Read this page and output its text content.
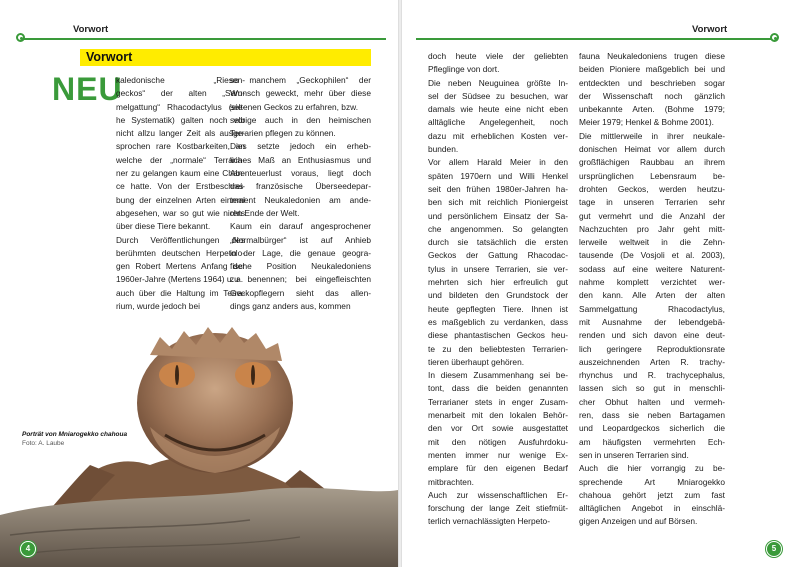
Vorwort
Vorwort
NEU
kaledonische „Riesen-
geckos“ der alten „Sam-
melgattung“ Rhacodactylus (sie-
he Systematik) galten noch vor
nicht allzu langer Zeit als ausge-
sprochen rare Kostbarkeiten, an
welche der „normale“ Terraria-
ner zu gelangen kaum eine Chan-
ce hatte. Von der Erstbeschrei-
bung der einzelnen Arten einmal
abgesehen, war so gut wie nichts
über diese Tiere bekannt.
Durch Veröffentlichungen des
berühmten deutschen Herpetolo-
gen Robert Mertens Anfang der
1960er-Jahre (Mertens 1964) u. a.
auch über die Haltung im Terra-
rium, wurde jedoch bei
so manchem „Geckophilen“ der
Wunsch geweckt, mehr über diese
seltenen Geckos zu erfahren, bzw.
selbige auch in den heimischen
Terrarien pflegen zu können.
Dies setzte jedoch ein erheb-
liches Maß an Enthusiasmus und
Abenteuerlust voraus, liegt doch
das französische Überseedepar-
tement Neukaledonien am ande-
ren Ende der Welt.
Kaum ein darauf angesprochener
„Normalbürger“ ist auf Anhieb
in der Lage, die genaue geogra-
fische Position Neukaledoniens
zu benennen; bei eingefleischten
Geckopflegern sieht das allen-
dings ganz anders aus, kommen
Porträt von Mniarogekko chahoua Foto: A. Laube
4
Vorwort
doch heute viele der geliebten
Pfleglinge von dort.
Die neben Neuguinea größte In-
sel der Südsee zu besuchen, war
damals wie heute eine nicht eben
alltägliche Angelegenheit, noch
dazu mit erheblichen Kosten ver-
bunden.
Vor allem Harald Meier in den
späten 1970ern und Willi Henkel
seit den frühen 1980er-Jahren ha-
ben sich mit reichlich Pioniergeist
und persönlichem Einsatz der Sa-
che angenommen. So gelangten
durch sie tatsächlich die ersten
Geckos der Gattung Rhacodac-
tylus in unsere Terrarien, sie ver-
mehrten sich hier erfreulich gut
und bildeten den Grundstock der
heute gepflegten Tiere. Ihnen ist
es maßgeblich zu verdanken, dass
diese phantastischen Geckos heu-
te zu den beliebtesten Terrarien-
tieren überhaupt gehören.
In diesem Zusammenhang sei be-
tont, dass die beiden genannten
Terrarianer stets in enger Zusam-
menarbeit mit den lokalen Behör-
den vor Ort sowie ausgestattet
mit den nötigen Ausfuhrdoku-
menten immer nur wenige Ex-
emplare für den eigenen Bedarf
mitbrachten.
Auch zur wissenschaftlichen Er-
forschung der lange Zeit stiefmüt-
terlich vernachlässigten Herpeto-
fauna Neukaledoniens trugen diese
beiden Pioniere maßgeblich bei und
entdeckten und beschrieben sogar
der Wissenschaft noch gänzlich
unbekannte Arten. (Bohme 1979;
Meier 1979; Henkel & Bohme 2001).
Die mittlerweile in ihrer neukale-
donischen Heimat vor allem durch
großflächigen Raubbau an ihrem
ursprünglichen Lebensraum be-
drohten Geckos, werden heutzu-
tage in unseren Terrarien sehr
gut vermehrt und die Anzahl der
Nachzuchten pro Jahr geht mitt-
lerweile weltweit in die Zehn-
tausende (De Vosjoli et al. 2003),
sodass auf eine weitere Naturent-
nahme komplett verzichtet wer-
den kann. Alle Arten der alten
Sammelgattung Rhacodactylus,
mit Ausnahme der lebendgebä-
renden und sich davon eine deut-
lich geringere Reproduktionsrate
auszeichnenden Arten R. trachy-
rhynchus und R. trachycephalus,
lassen sich so gut in menschli-
cher Obhut halten und vermeh-
ren, dass sie neben Bartagamen
und Leopardgeckos sicherlich die
am häufigsten vermehrten Ech-
sen in unseren Terrarien sind.
Auch die hier vorrangig zu be-
sprechende Art Mniarogekko
chahoua gehört jetzt zum fast
alltäglichen Angebot in einschlä-
gigen Anzeigen und auf Börsen.
5
